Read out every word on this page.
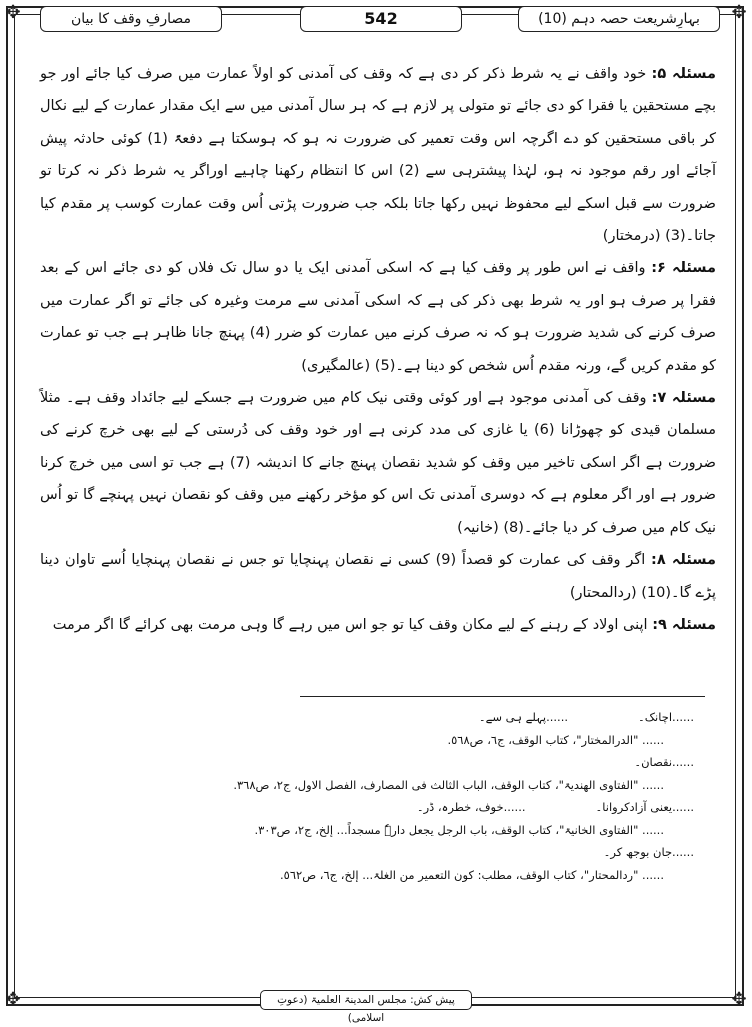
✥	✥
✥	✥
بہارِشریعت حصہ دہم (10)
542
مصارفِ وقف کا بیان

مسئلہ ۵: خود واقف نے یہ شرط ذکر کر دی ہے کہ وقف کی آمدنی کو اولاً عمارت میں صرف کیا جائے اور جو بچے مستحقین یا فقرا کو دی جائے تو متولی پر لازم ہے کہ ہر سال آمدنی میں سے ایک مقدار عمارت کے لیے نکال کر باقی مستحقین کو دے اگرچہ اس وقت تعمیر کی ضرورت نہ ہو کہ ہوسکتا ہے دفعۃً (1) کوئی حادثہ پیش آجائے اور رقم موجود نہ ہو، لہٰذا پیشترہی سے (2) اس کا انتظام رکھنا چاہیے اوراگر یہ شرط ذکر نہ کرتا تو ضرورت سے قبل اسکے لیے محفوظ نہیں رکھا جاتا بلکہ جب ضرورت پڑتی اُس وقت عمارت کوسب پر مقدم کیا جاتا۔(3) (درمختار)

مسئلہ ۶: واقف نے اس طور پر وقف کیا ہے کہ اسکی آمدنی ایک یا دو سال تک فلاں کو دی جائے اس کے بعد فقرا پر صرف ہو اور یہ شرط بھی ذکر کی ہے کہ اسکی آمدنی سے مرمت وغیرہ کی جائے تو اگر عمارت میں صرف کرنے کی شدید ضرورت ہو کہ نہ صرف کرنے میں عمارت کو ضرر (4) پہنچ جانا ظاہر ہے جب تو عمارت کو مقدم کریں گے، ورنہ مقدم اُس شخص کو دینا ہے۔(5) (عالمگیری)

مسئلہ ۷: وقف کی آمدنی موجود ہے اور کوئی وقتی نیک کام میں ضرورت ہے جسکے لیے جائداد وقف ہے۔ مثلاً مسلمان قیدی کو چھوڑانا (6) یا غازی کی مدد کرنی ہے اور خود وقف کی دُرستی کے لیے بھی خرچ کرنے کی ضرورت ہے اگر اسکی تاخیر میں وقف کو شدید نقصان پہنچ جانے کا اندیشہ (7) ہے جب تو اسی میں خرچ کرنا ضرور ہے اور اگر معلوم ہے کہ دوسری آمدنی تک اس کو مؤخر رکھنے میں وقف کو نقصان نہیں پہنچے گا تو اُس نیک کام میں صرف کر دیا جائے۔(8) (خانیہ)

مسئلہ ۸: اگر وقف کی عمارت کو قصداً (9) کسی نے نقصان پہنچایا تو جس نے نقصان پہنچایا اُسے تاوان دینا پڑے گا۔(10) (ردالمحتار)

مسئلہ ۹: اپنی اولاد کے رہنے کے لیے مکان وقف کیا تو جو اس میں رہے گا وہی مرمت بھی کرائے گا اگر مرمت

......اچانک۔
......پہلے ہی سے۔
...... "الدرالمختار"، کتاب الوقف، ج٦، ص٥٦٨.
......نقصان۔
...... "الفتاوی الھندیۃ"، کتاب الوقف، الباب الثالث فی المصارف، الفصل الاول، ج٢، ص٣٦٨.
......یعنی آزادکروانا۔
......خوف، خطرہ، ڈر۔
...... "الفتاوی الخانیۃ"، کتاب الوقف، باب الرجل یجعل دارہٗ مسجداً... إلخ، ج٢، ص٣٠٣.
......جان بوجھ کر۔
...... "ردالمحتار"، کتاب الوقف، مطلب: کون التعمیر من الغلۃ... إلخ، ج٦، ص٥٦٢.
پیش کش: مجلس المدینۃ العلمیۃ (دعوتِ اسلامی)
